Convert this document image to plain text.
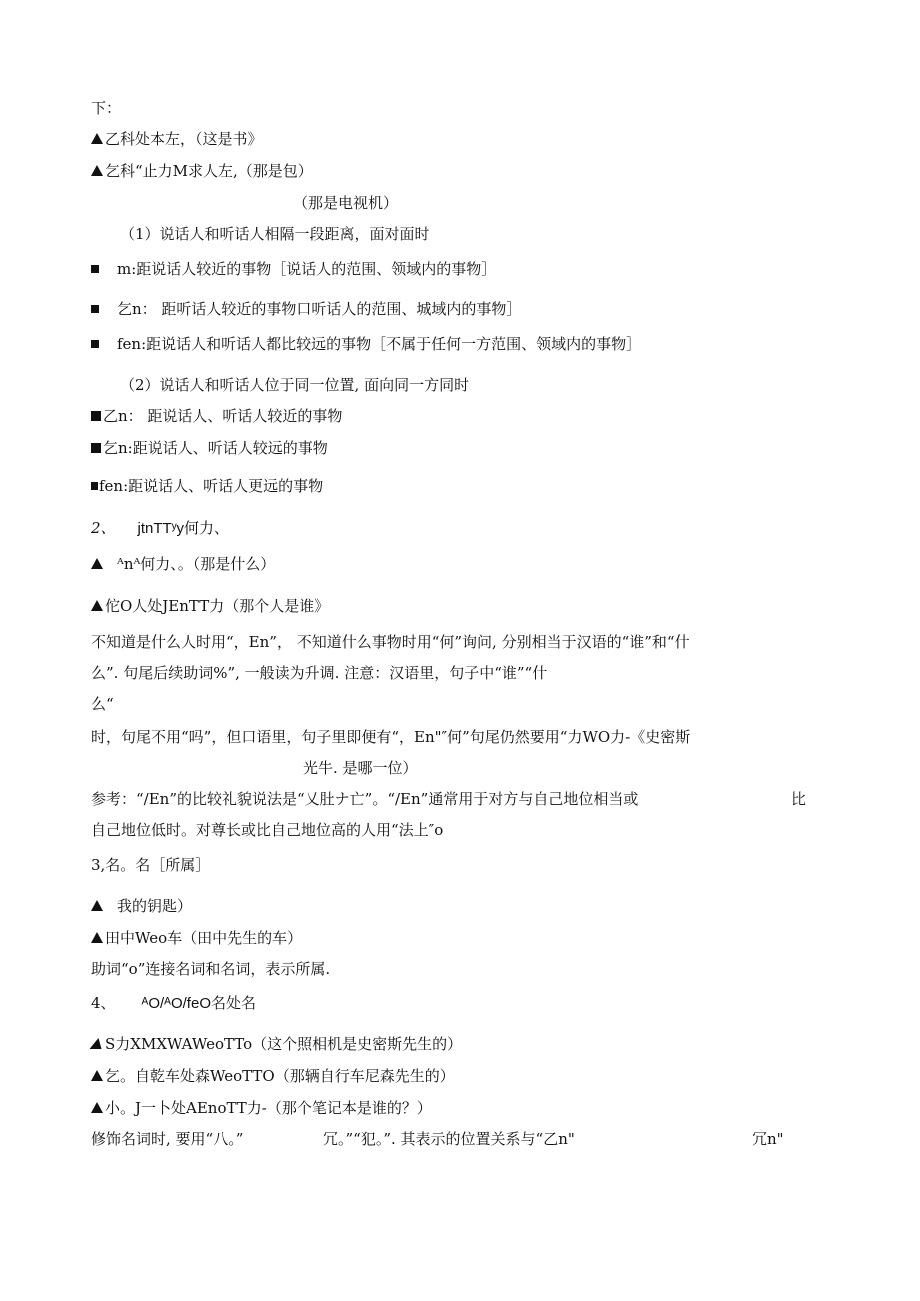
下：
乙科处本左，（这是书》
乞科“止力M求人左,（那是包）
（那是电视机）
（1）说话人和听话人相隔一段距离，面对面时
m:距说话人较近的事物［说话人的范围、领域内的事物］
乞n： 距听话人较近的事物口听话人的范围、城域内的事物］
fen:距说话人和听话人都比较远的事物［不属于任何一方范围、领域内的事物］
（2）说话人和听话人位于同一位置, 面向同一方同时
乙n： 距说话人、听话人较近的事物
乞n:距说话人、听话人较远的事物
fen:距说话人、听话人更远的事物
2、 jtnTTʸy何力、
ᴬnᴬ何力、。（那是什么）
佗O人处JEnTT力（那个人是谁》
不知道是什么人时用“，En”， 不知道什么事物时用“何”询问, 分别相当于汉语的“谁”和“什
么”. 句尾后续助词%”, 一般读为升调. 注意：汉语里，句子中“谁”“什
么“
时，句尾不用“吗”，但口语里，句子里即便有“，En"″何”句尾仍然要用“力WO力-《史密斯
光牛. 是哪一位）
参考：“/En”的比较礼貌说法是“乂肚ナ亡”。“/En”通常用于对方与自己地位相当或	比
自己地位低时。对尊长或比自己地位高的人用“法上″o
3,名。名［所属］
我的钥匙）
田中Weo车（田中先生的车）
助词“o”连接名词和名词，表示所属.
4、 ᴬO/ᴬO/feO名处名
S力XMXWAWeoTTo（这个照相机是史密斯先生的）
乞。自乾车处森WeoTTO（那辆自行车尼森先生的）
小。J一卜处AEnoTT力-（那个笔记本是谁的？）
修饰名词时, 要用“八。”	冗。”“犯。”. 其表示的位置关系与“乙n"	冗n"
